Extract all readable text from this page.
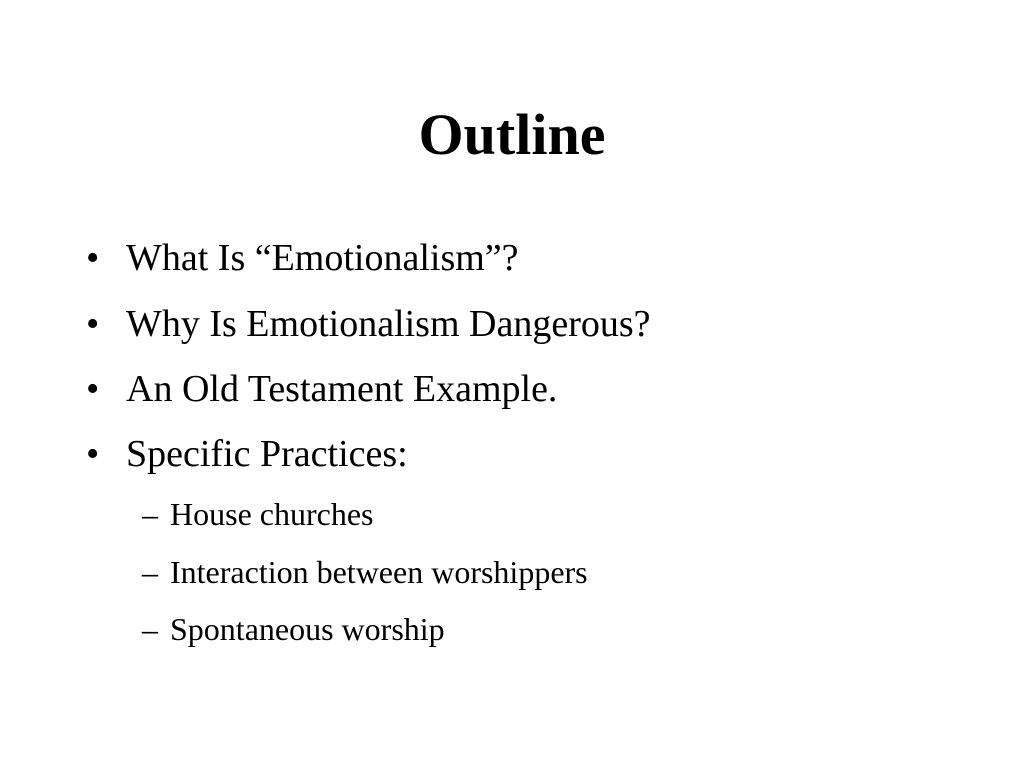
Outline
• What Is “Emotionalism”?
• Why Is Emotionalism Dangerous?
• An Old Testament Example.
• Specific Practices:
– House churches
– Interaction between worshippers
– Spontaneous worship
